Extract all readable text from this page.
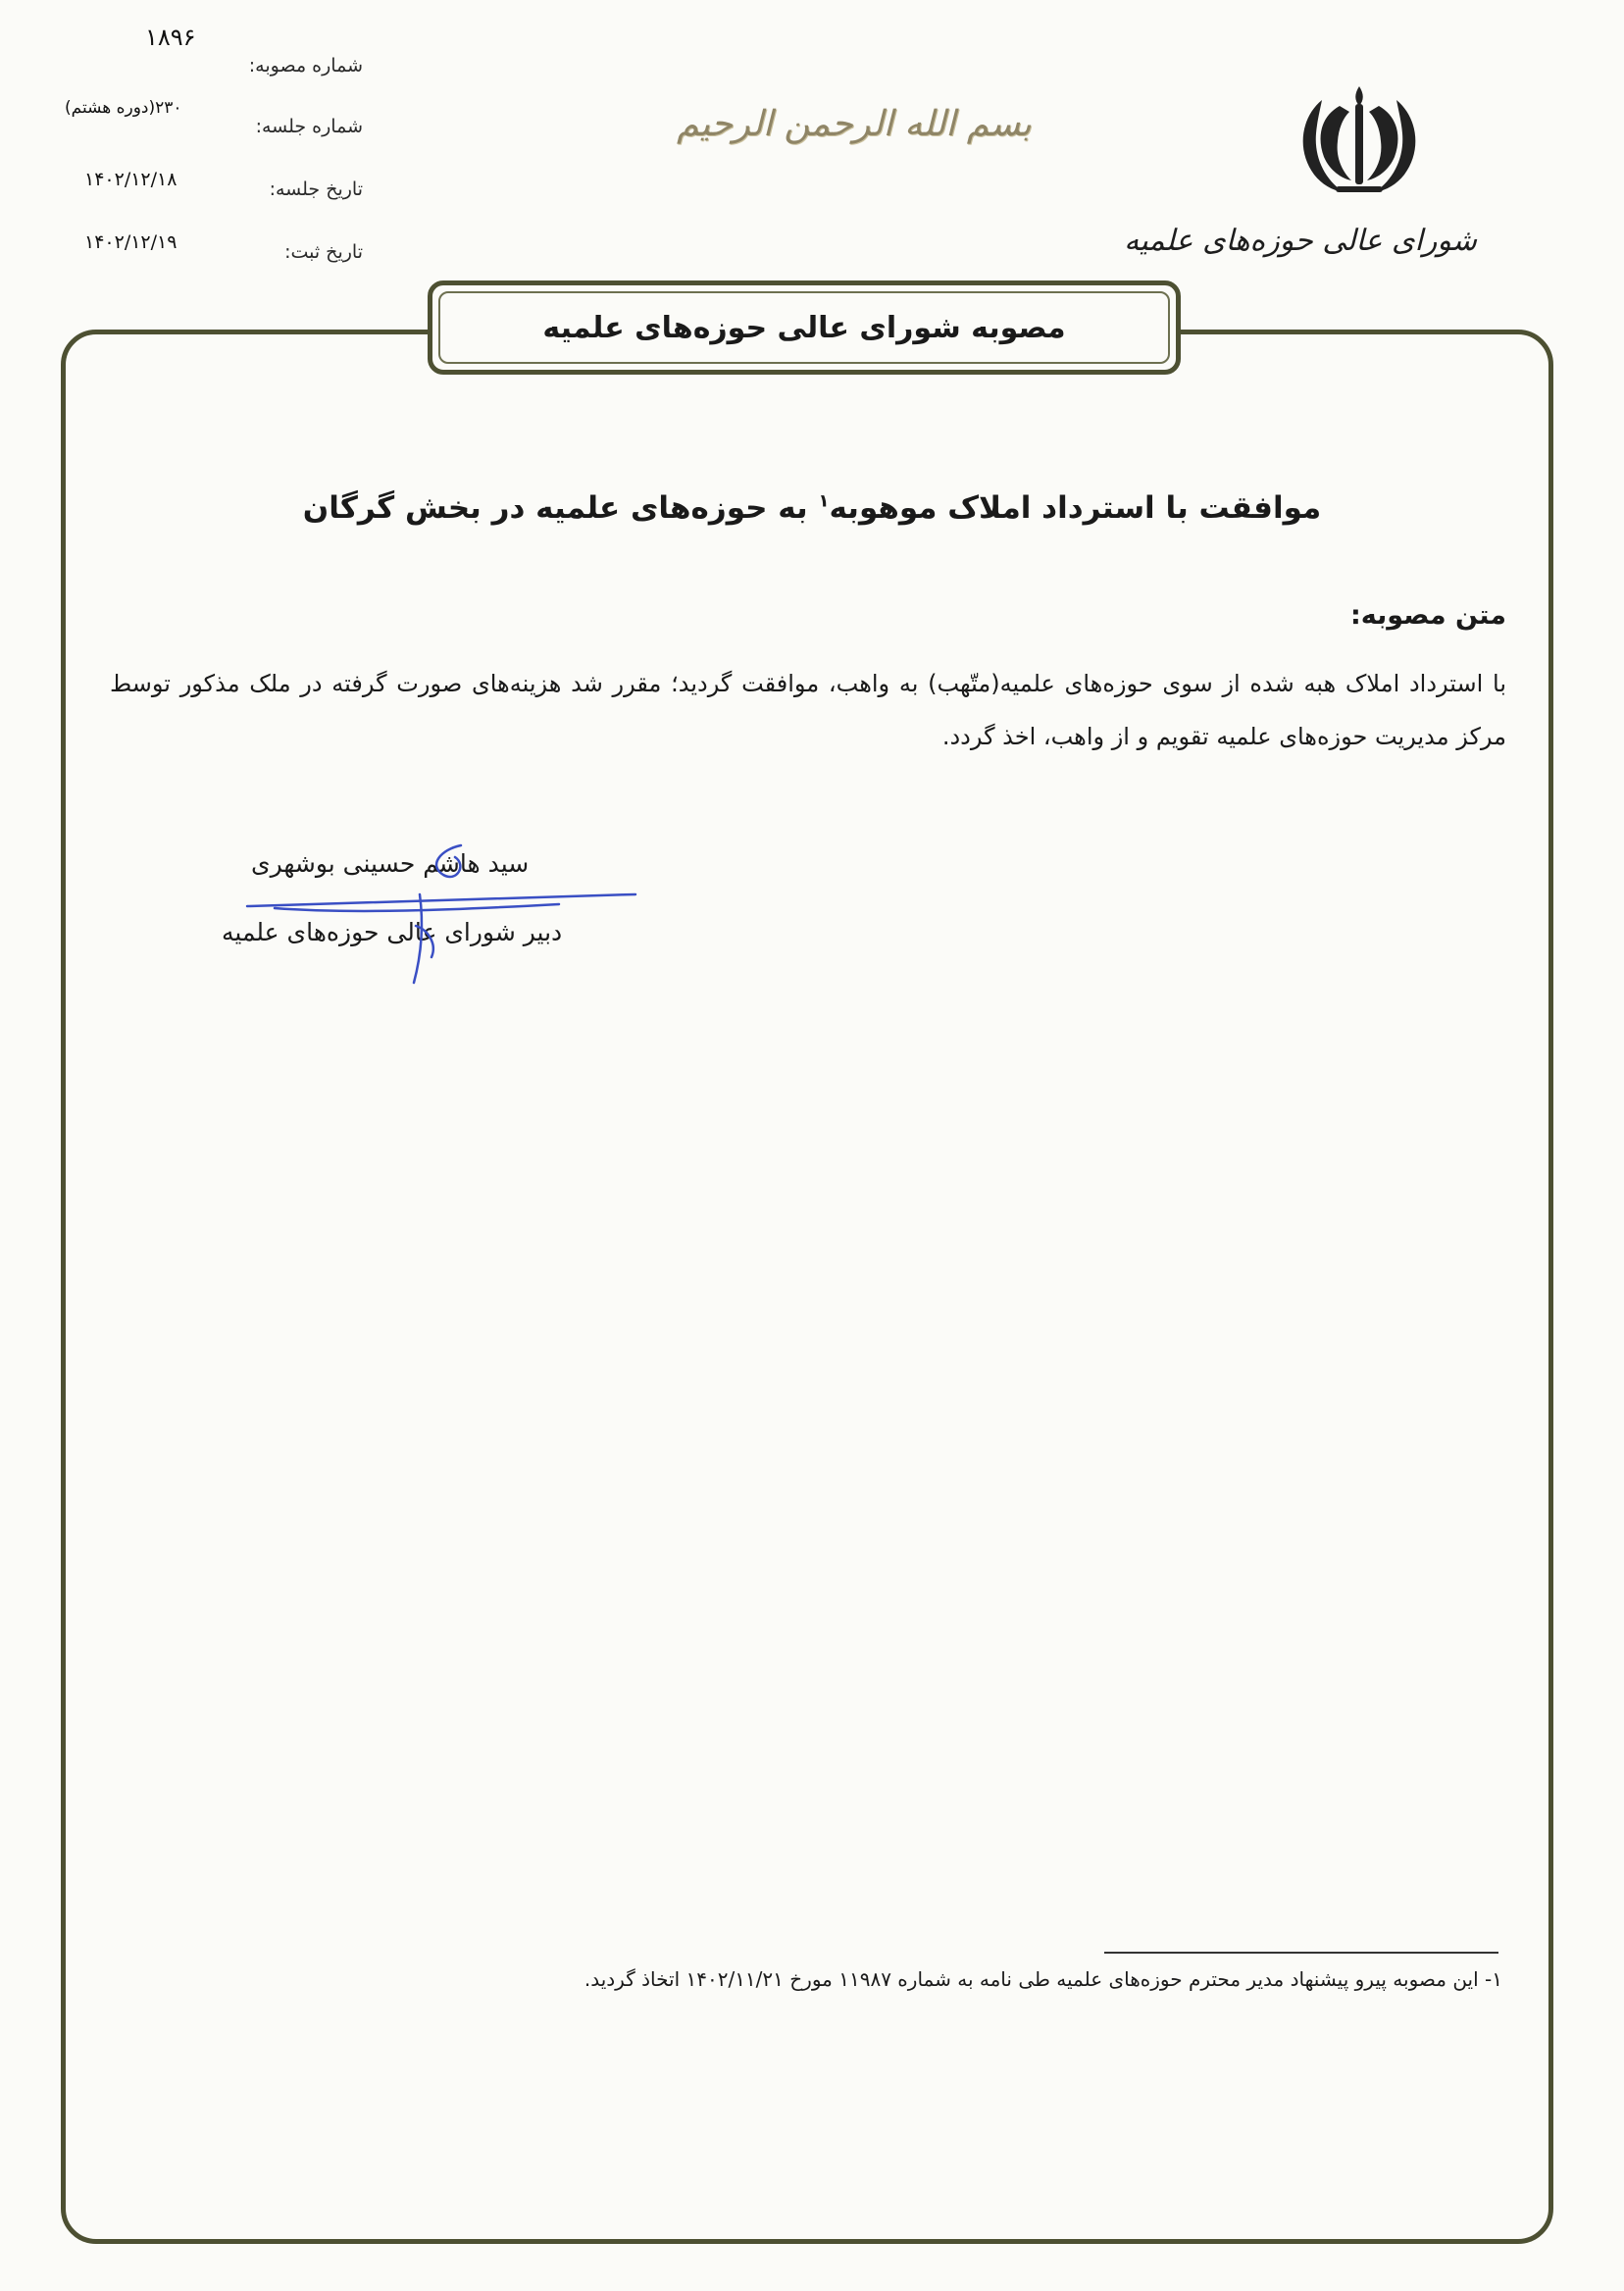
۱۸۹۶
شماره مصوبه:
۲۳۰(دوره هشتم)
شماره جلسه:
۱۴۰۲/۱۲/۱۸	تاریخ جلسه:
۱۴۰۲/۱۲/۱۹	تاریخ ثبت:
بسم الله الرحمن الرحیم
شورای عالی حوزه‌های علمیه
مصوبه شورای عالی حوزه‌های علمیه
موافقت با استرداد املاک موهوبه$^۱$ به حوزه‌های علمیه در بخش گرگان
متن مصوبه:
با استرداد املاک هبه شده از سوی حوزه‌های علمیه(متّهب) به واهب، موافقت گردید؛ مقرر شد هزینه‌های صورت گرفته در ملک مذکور توسط مرکز مدیریت حوزه‌های علمیه تقویم و از واهب، اخذ گردد.
سید هاشم حسینی بوشهری
دبیر شورای عالی حوزه‌های علمیه
۱- این مصوبه پیرو پیشنهاد مدیر محترم حوزه‌های علمیه طی نامه به شماره ۱۱۹۸۷ مورخ ۱۴۰۲/۱۱/۲۱ اتخاذ گردید.
